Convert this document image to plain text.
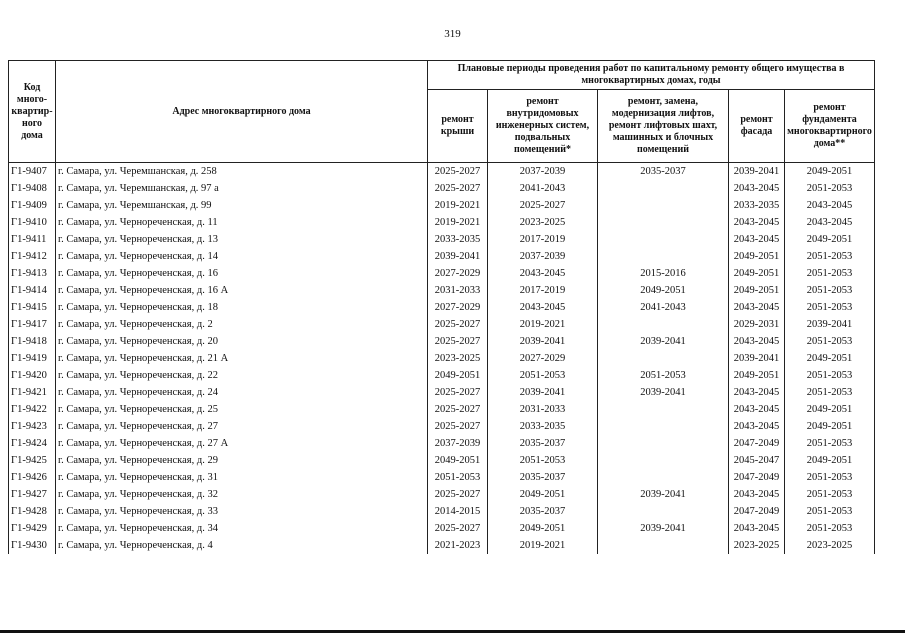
319
Код
много-
квартир-
ного
дома	Адрес многоквартирного дома	Плановые периоды проведения работ по капитальному ремонту общего имущества в многоквартирных домах, годы				
		ремонт крыши	ремонт внутридомовых инженерных систем, подвальных помещений*	ремонт, замена, модернизация лифтов, ремонт лифтовых шахт, машинных и блочных помещений	ремонт фасада	ремонт фундамента многоквартирного дома**
Г1-9407	г. Самара, ул. Черемшанская, д. 258	2025-2027	2037-2039	2035-2037	2039-2041	2049-2051
Г1-9408	г. Самара, ул. Черемшанская, д. 97 а	2025-2027	2041-2043		2043-2045	2051-2053
Г1-9409	г. Самара, ул. Черемшанская, д. 99	2019-2021	2025-2027		2033-2035	2043-2045
Г1-9410	г. Самара, ул. Чернореченская, д. 11	2019-2021	2023-2025		2043-2045	2043-2045
Г1-9411	г. Самара, ул. Чернореченская, д. 13	2033-2035	2017-2019		2043-2045	2049-2051
Г1-9412	г. Самара, ул. Чернореченская, д. 14	2039-2041	2037-2039		2049-2051	2051-2053
Г1-9413	г. Самара, ул. Чернореченская, д. 16	2027-2029	2043-2045	2015-2016	2049-2051	2051-2053
Г1-9414	г. Самара, ул. Чернореченская, д. 16 А	2031-2033	2017-2019	2049-2051	2049-2051	2051-2053
Г1-9415	г. Самара, ул. Чернореченская, д. 18	2027-2029	2043-2045	2041-2043	2043-2045	2051-2053
Г1-9417	г. Самара, ул. Чернореченская, д. 2	2025-2027	2019-2021		2029-2031	2039-2041
Г1-9418	г. Самара, ул. Чернореченская, д. 20	2025-2027	2039-2041	2039-2041	2043-2045	2051-2053
Г1-9419	г. Самара, ул. Чернореченская, д. 21 А	2023-2025	2027-2029		2039-2041	2049-2051
Г1-9420	г. Самара, ул. Чернореченская, д. 22	2049-2051	2051-2053	2051-2053	2049-2051	2051-2053
Г1-9421	г. Самара, ул. Чернореченская, д. 24	2025-2027	2039-2041	2039-2041	2043-2045	2051-2053
Г1-9422	г. Самара, ул. Чернореченская, д. 25	2025-2027	2031-2033		2043-2045	2049-2051
Г1-9423	г. Самара, ул. Чернореченская, д. 27	2025-2027	2033-2035		2043-2045	2049-2051
Г1-9424	г. Самара, ул. Чернореченская, д. 27 А	2037-2039	2035-2037		2047-2049	2051-2053
Г1-9425	г. Самара, ул. Чернореченская, д. 29	2049-2051	2051-2053		2045-2047	2049-2051
Г1-9426	г. Самара, ул. Чернореченская, д. 31	2051-2053	2035-2037		2047-2049	2051-2053
Г1-9427	г. Самара, ул. Чернореченская, д. 32	2025-2027	2049-2051	2039-2041	2043-2045	2051-2053
Г1-9428	г. Самара, ул. Чернореченская, д. 33	2014-2015	2035-2037		2047-2049	2051-2053
Г1-9429	г. Самара, ул. Чернореченская, д. 34	2025-2027	2049-2051	2039-2041	2043-2045	2051-2053
Г1-9430	г. Самара, ул. Чернореченская, д. 4	2021-2023	2019-2021		2023-2025	2023-2025
